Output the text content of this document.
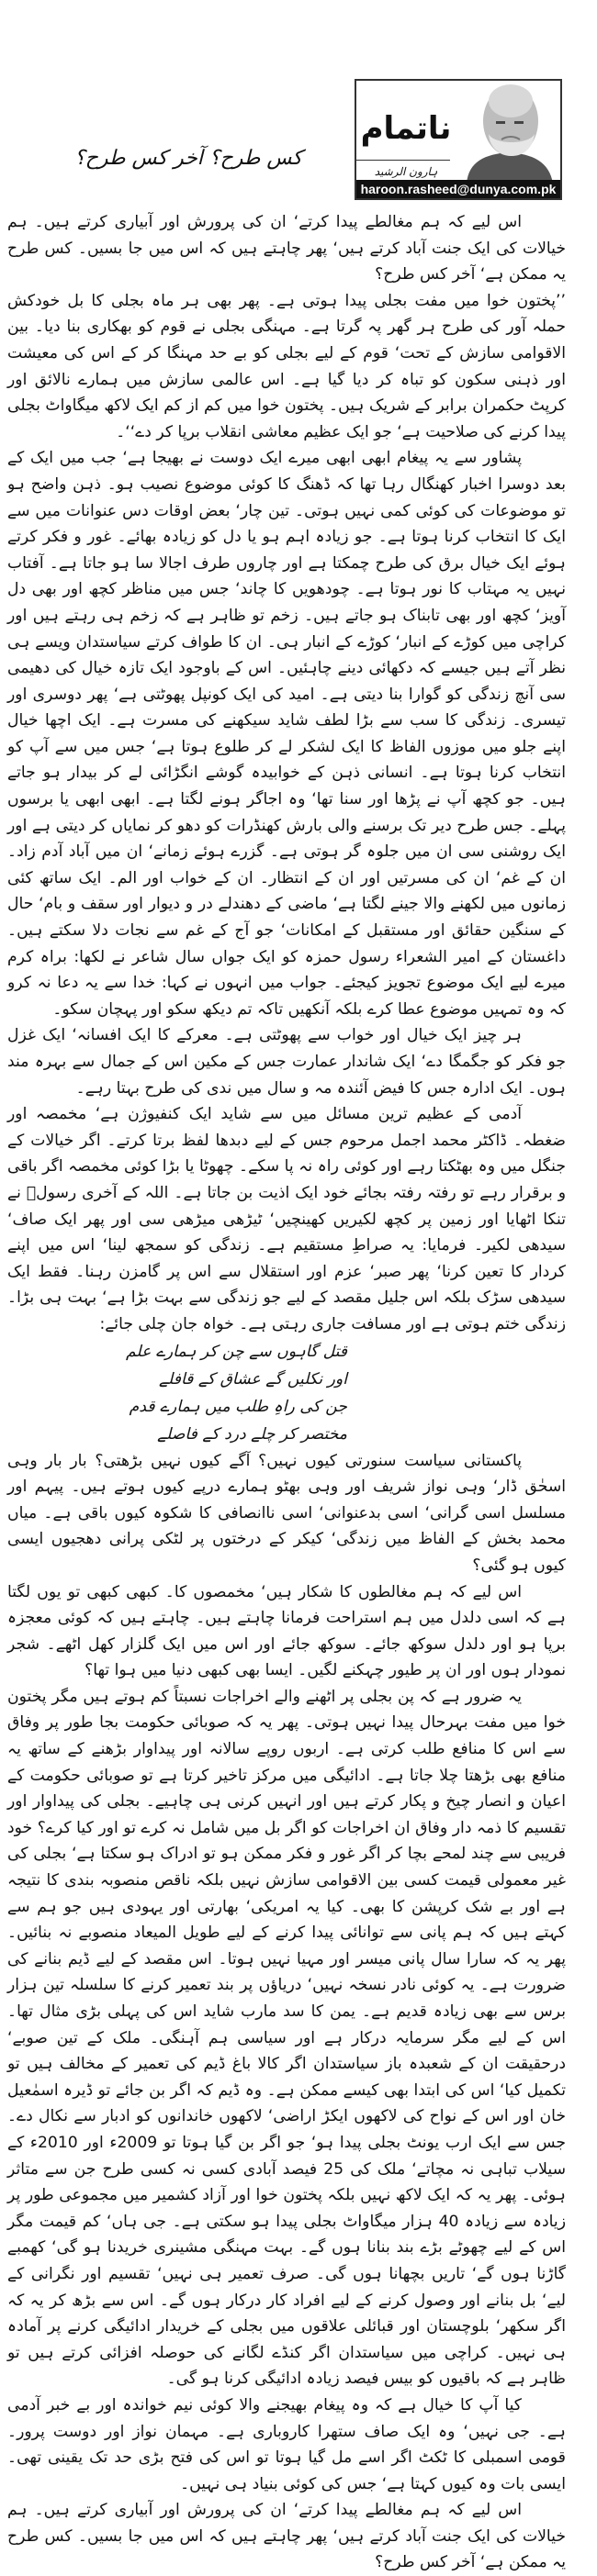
کس طرح؟ آخر کس طرح؟
ناتمام
ہارون الرشید
haroon.rasheed@dunya.com.pk

اس لیے کہ ہم مغالطے پیدا کرتے‘ ان کی پرورش اور آبیاری کرتے ہیں۔ ہم خیالات کی ایک جنت آباد کرتے ہیں‘ پھر چاہتے ہیں کہ اس میں جا بسیں۔ کس طرح یہ ممکن ہے‘ آخر کس طرح؟

’’پختون خوا میں مفت بجلی پیدا ہوتی ہے۔ پھر بھی ہر ماہ بجلی کا بل خودکش حملہ آور کی طرح ہر گھر پہ گرتا ہے۔ مہنگی بجلی نے قوم کو بھکاری بنا دیا۔ بین الاقوامی سازش کے تحت‘ قوم کے لیے بجلی کو بے حد مہنگا کر کے اس کی معیشت اور ذہنی سکون کو تباہ کر دیا گیا ہے۔ اس عالمی سازش میں ہمارے نالائق اور کرپٹ حکمران برابر کے شریک ہیں۔ پختون خوا میں کم از کم ایک لاکھ میگاواٹ بجلی پیدا کرنے کی صلاحیت ہے‘ جو ایک عظیم معاشی انقلاب برپا کر دے‘‘۔

پشاور سے یہ پیغام ابھی ابھی میرے ایک دوست نے بھیجا ہے‘ جب میں ایک کے بعد دوسرا اخبار کھنگال رہا تھا کہ ڈھنگ کا کوئی موضوع نصیب ہو۔ ذہن واضح ہو تو موضوعات کی کوئی کمی نہیں ہوتی۔ تین چار‘ بعض اوقات دس عنوانات میں سے ایک کا انتخاب کرنا ہوتا ہے۔ جو زیادہ اہم ہو یا دل کو زیادہ بھائے۔ غور و فکر کرتے ہوئے ایک خیال برق کی طرح چمکتا ہے اور چاروں طرف اجالا سا ہو جاتا ہے۔ آفتاب نہیں یہ مہتاب کا نور ہوتا ہے۔ چودھویں کا چاند‘ جس میں مناظر کچھ اور بھی دل آویز‘ کچھ اور بھی تابناک ہو جاتے ہیں۔ زخم تو ظاہر ہے کہ زخم ہی رہتے ہیں اور کراچی میں کوڑے کے انبار‘ کوڑے کے انبار ہی۔ ان کا طواف کرتے سیاستدان ویسے ہی نظر آتے ہیں جیسے کہ دکھائی دینے چاہئیں۔ اس کے باوجود ایک تازہ خیال کی دھیمی سی آنچ زندگی کو گوارا بنا دیتی ہے۔ امید کی ایک کونپل پھوٹتی ہے‘ پھر دوسری اور تیسری۔ زندگی کا سب سے بڑا لطف شاید سیکھنے کی مسرت ہے۔ ایک اچھا خیال اپنے جلو میں موزوں الفاظ کا ایک لشکر لے کر طلوع ہوتا ہے‘ جس میں سے آپ کو انتخاب کرنا ہوتا ہے۔ انسانی ذہن کے خوابیدہ گوشے انگڑائی لے کر بیدار ہو جاتے ہیں۔ جو کچھ آپ نے پڑھا اور سنا تھا‘ وہ اجاگر ہونے لگتا ہے۔ ابھی ابھی یا برسوں پہلے۔ جس طرح دیر تک برسنے والی بارش کھنڈرات کو دھو کر نمایاں کر دیتی ہے اور ایک روشنی سی ان میں جلوہ گر ہوتی ہے۔ گزرے ہوئے زمانے‘ ان میں آباد آدم زاد۔ ان کے غم‘ ان کی مسرتیں اور ان کے انتظار۔ ان کے خواب اور الم۔ ایک ساتھ کئی زمانوں میں لکھنے والا جینے لگتا ہے‘ ماضی کے دھندلے در و دیوار اور سقف و بام‘ حال کے سنگین حقائق اور مستقبل کے امکانات‘ جو آج کے غم سے نجات دلا سکتے ہیں۔ داغستان کے امیر الشعراء رسول حمزہ کو ایک جواں سال شاعر نے لکھا: براہ کرم میرے لیے ایک موضوع تجویز کیجئے۔ جواب میں انہوں نے کہا: خدا سے یہ دعا نہ کرو کہ وہ تمہیں موضوع عطا کرے بلکہ آنکھیں تاکہ تم دیکھ سکو اور پہچان سکو۔

ہر چیز ایک خیال اور خواب سے پھوٹتی ہے۔ معرکے کا ایک افسانہ‘ ایک غزل جو فکر کو جگمگا دے‘ ایک شاندار عمارت جس کے مکین اس کے جمال سے بہرہ مند ہوں۔ ایک ادارہ جس کا فیض آئندہ مہ و سال میں ندی کی طرح بہتا رہے۔

آدمی کے عظیم ترین مسائل میں سے شاید ایک کنفیوژن ہے‘ مخمصہ اور ضغطہ۔ ڈاکٹر محمد اجمل مرحوم جس کے لیے دبدھا لفظ برتا کرتے۔ اگر خیالات کے جنگل میں وہ بھٹکتا رہے اور کوئی راہ نہ پا سکے۔ چھوٹا یا بڑا کوئی مخمصہ اگر باقی و برقرار رہے تو رفتہ رفتہ بجائے خود ایک اذیت بن جاتا ہے۔ اللہ کے آخری رسولؐ نے تنکا اٹھایا اور زمین پر کچھ لکیریں کھینچیں‘ ٹیڑھی میڑھی سی اور پھر ایک صاف‘ سیدھی لکیر۔ فرمایا: یہ صراطِ مستقیم ہے۔ زندگی کو سمجھ لینا‘ اس میں اپنے کردار کا تعین کرنا‘ پھر صبر‘ عزم اور استقلال سے اس پر گامزن رہنا۔ فقط ایک سیدھی سڑک بلکہ اس جلیل مقصد کے لیے جو زندگی سے بہت بڑا ہے‘ بہت ہی بڑا۔ زندگی ختم ہوتی ہے اور مسافت جاری رہتی ہے۔ خواہ جان چلی جائے:

قتل گاہوں سے چن کر ہمارے علم
اور نکلیں گے عشاق کے قافلے
جن کی راہِ طلب میں ہمارے قدم
مختصر کر چلے درد کے فاصلے

پاکستانی سیاست سنورتی کیوں نہیں؟ آگے کیوں نہیں بڑھتی؟ بار بار وہی اسحٰق ڈار‘ وہی نواز شریف اور وہی بھٹو ہمارے درپے کیوں ہوتے ہیں۔ پیہم اور مسلسل اسی گرانی‘ اسی بدعنوانی‘ اسی ناانصافی کا شکوہ کیوں باقی ہے۔ میاں محمد بخش کے الفاظ میں زندگی‘ کیکر کے درختوں پر لٹکی پرانی دھجیوں ایسی کیوں ہو گئی؟

اس لیے کہ ہم مغالطوں کا شکار ہیں‘ مخمصوں کا۔ کبھی کبھی تو یوں لگتا ہے کہ اسی دلدل میں ہم استراحت فرمانا چاہتے ہیں۔ چاہتے ہیں کہ کوئی معجزہ برپا ہو اور دلدل سوکھ جائے۔ سوکھ جائے اور اس میں ایک گلزار کھل اٹھے۔ شجر نمودار ہوں اور ان پر طیور چہکنے لگیں۔ ایسا بھی کبھی دنیا میں ہوا تھا؟

یہ ضرور ہے کہ پن بجلی پر اٹھنے والے اخراجات نسبتاً کم ہوتے ہیں مگر پختون خوا میں مفت بہرحال پیدا نہیں ہوتی۔ پھر یہ کہ صوبائی حکومت بجا طور پر وفاق سے اس کا منافع طلب کرتی ہے۔ اربوں روپے سالانہ اور پیداوار بڑھنے کے ساتھ یہ منافع بھی بڑھتا چلا جاتا ہے۔ ادائیگی میں مرکز تاخیر کرتا ہے تو صوبائی حکومت کے اعیان و انصار چیخ و پکار کرتے ہیں اور انہیں کرنی ہی چاہیے۔ بجلی کی پیداوار اور تقسیم کا ذمہ دار وفاق ان اخراجات کو اگر بل میں شامل نہ کرے تو اور کیا کرے؟ خود فریبی سے چند لمحے بچا کر اگر غور و فکر ممکن ہو تو ادراک ہو سکتا ہے‘ بجلی کی غیر معمولی قیمت کسی بین الاقوامی سازش نہیں بلکہ ناقص منصوبہ بندی کا نتیجہ ہے اور بے شک کرپشن کا بھی۔ کیا یہ امریکی‘ بھارتی اور یہودی ہیں جو ہم سے کہتے ہیں کہ ہم پانی سے توانائی پیدا کرنے کے لیے طویل المیعاد منصوبے نہ بنائیں۔ پھر یہ کہ سارا سال پانی میسر اور مہیا نہیں ہوتا۔ اس مقصد کے لیے ڈیم بنانے کی ضرورت ہے۔ یہ کوئی نادر نسخہ نہیں‘ دریاؤں پر بند تعمیر کرنے کا سلسلہ تین ہزار برس سے بھی زیادہ قدیم ہے۔ یمن کا سد مارب شاید اس کی پہلی بڑی مثال تھا۔ اس کے لیے مگر سرمایہ درکار ہے اور سیاسی ہم آہنگی۔ ملک کے تین صوبے‘ درحقیقت ان کے شعبدہ باز سیاستدان اگر کالا باغ ڈیم کی تعمیر کے مخالف ہیں تو تکمیل کیا‘ اس کی ابتدا بھی کیسے ممکن ہے۔ وہ ڈیم کہ اگر بن جائے تو ڈیرہ اسمٰعیل خان اور اس کے نواح کی لاکھوں ایکڑ اراضی‘ لاکھوں خاندانوں کو ادبار سے نکال دے۔ جس سے ایک ارب یونٹ بجلی پیدا ہو‘ جو اگر بن گیا ہوتا تو 2009ء اور 2010ء کے سیلاب تباہی نہ مچاتے‘ ملک کی 25 فیصد آبادی کسی نہ کسی طرح جن سے متاثر ہوئی۔ پھر یہ کہ ایک لاکھ نہیں بلکہ پختون خوا اور آزاد کشمیر میں مجموعی طور پر زیادہ سے زیادہ 40 ہزار میگاواٹ بجلی پیدا ہو سکتی ہے۔ جی ہاں‘ کم قیمت مگر اس کے لیے چھوٹے بڑے بند بنانا ہوں گے۔ بہت مہنگی مشینری خریدنا ہو گی‘ کھمبے گاڑنا ہوں گے‘ تاریں بچھانا ہوں گی۔ صرف تعمیر ہی نہیں‘ تقسیم اور نگرانی کے لیے‘ بل بنانے اور وصول کرنے کے لیے افراد کار درکار ہوں گے۔ اس سے بڑھ کر یہ کہ اگر سکھر‘ بلوچستان اور قبائلی علاقوں میں بجلی کے خریدار ادائیگی کرنے پر آمادہ ہی نہیں۔ کراچی میں سیاستدان اگر کنڈے لگانے کی حوصلہ افزائی کرتے ہیں تو ظاہر ہے کہ باقیوں کو بیس فیصد زیادہ ادائیگی کرنا ہو گی۔

کیا آپ کا خیال ہے کہ وہ پیغام بھیجنے والا کوئی نیم خواندہ اور بے خبر آدمی ہے۔ جی نہیں‘ وہ ایک صاف ستھرا کاروباری ہے۔ مہمان نواز اور دوست پرور۔ قومی اسمبلی کا ٹکٹ اگر اسے مل گیا ہوتا تو اس کی فتح بڑی حد تک یقینی تھی۔ ایسی بات وہ کیوں کہتا ہے‘ جس کی کوئی بنیاد ہی نہیں۔

اس لیے کہ ہم مغالطے پیدا کرتے‘ ان کی پرورش اور آبیاری کرتے ہیں۔ ہم خیالات کی ایک جنت آباد کرتے ہیں‘ پھر چاہتے ہیں کہ اس میں جا بسیں۔ کس طرح یہ ممکن ہے‘ آخر کس طرح؟
